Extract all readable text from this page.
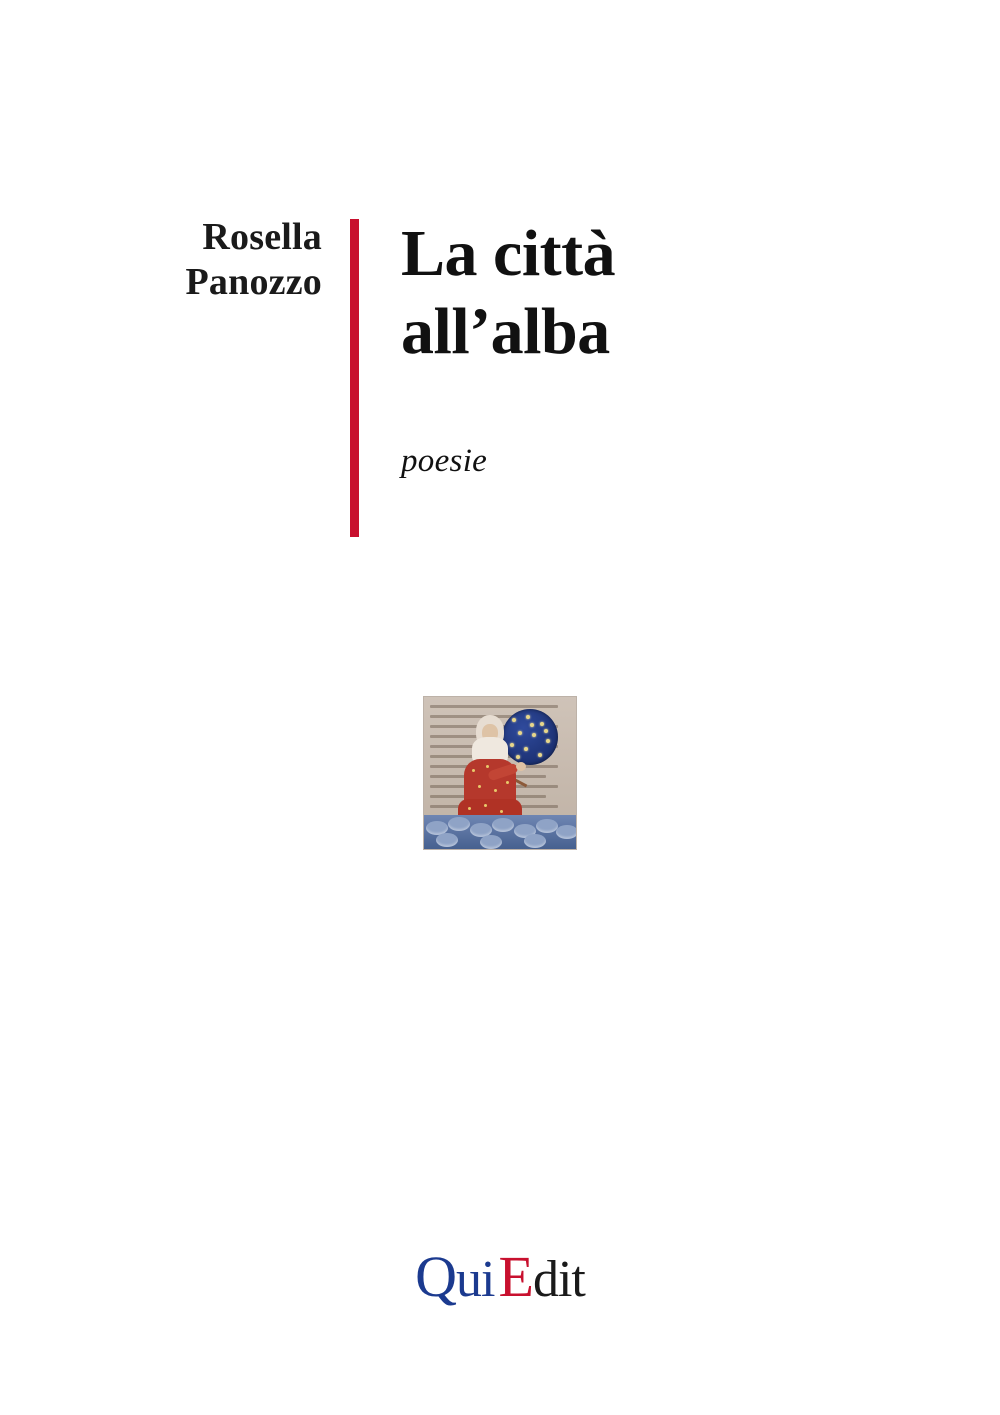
Rosella
Panozzo La città
all’alba
poesie
QuiEdit
